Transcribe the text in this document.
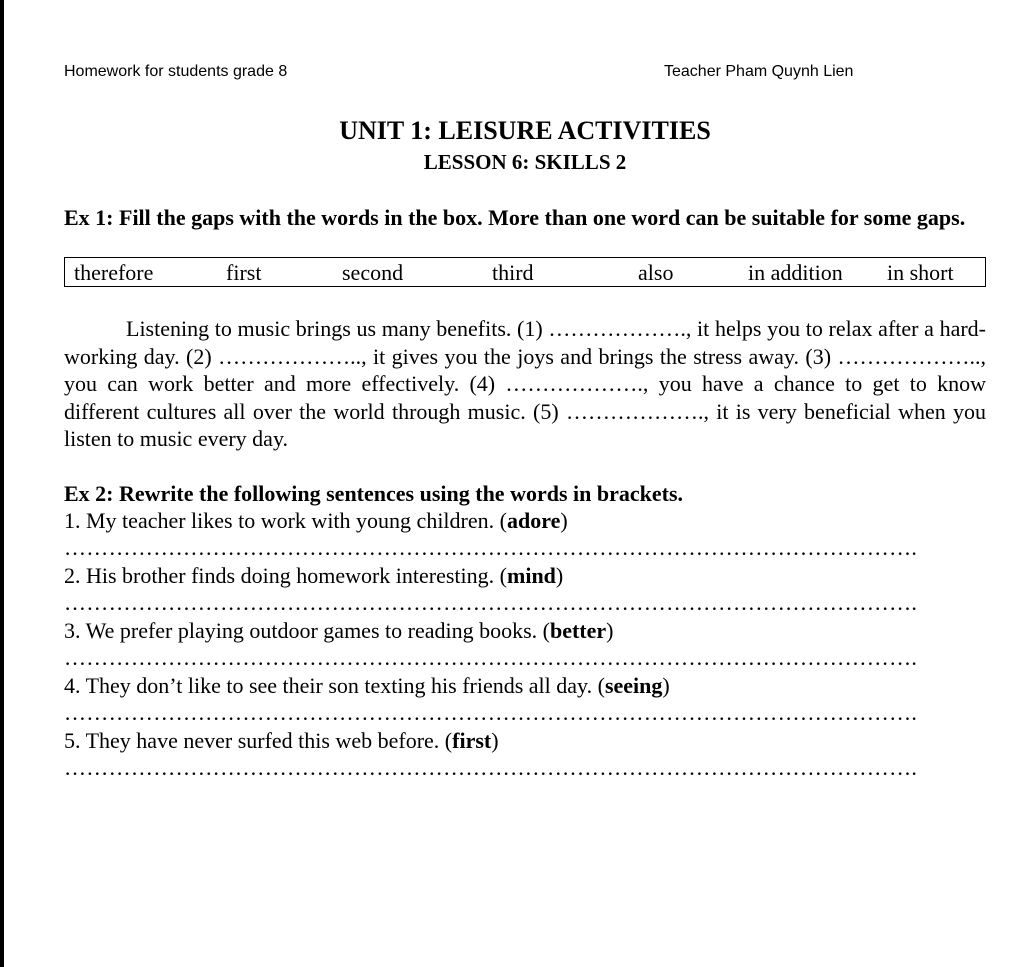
Homework for students grade 8	Teacher Pham Quynh Lien
UNIT 1: LEISURE ACTIVITIES
LESSON 6: SKILLS 2
Ex 1: Fill the gaps with the words in the box. More than one word can be suitable for some gaps.
therefore	first	second	third	also	in addition in short
Listening to music brings us many benefits. (1) ………………., it helps you to relax after a hard-working day. (2) ……………….., it gives you the joys and brings the stress away. (3) ……………….., you can work better and more effectively. (4) ………………., you have a chance to get to know different cultures all over the world through music. (5) ………………., it is very beneficial when you listen to music every day.
Ex 2: Rewrite the following sentences using the words in brackets.
1. My teacher likes to work with young children. (adore)
…………………………………………………………………………………………………….
2. His brother finds doing homework interesting. (mind)
…………………………………………………………………………………………………….
3. We prefer playing outdoor games to reading books. (better)
…………………………………………………………………………………………………….
4. They don’t like to see their son texting his friends all day. (seeing)
…………………………………………………………………………………………………….
5. They have never surfed this web before. (first)
…………………………………………………………………………………………………….
